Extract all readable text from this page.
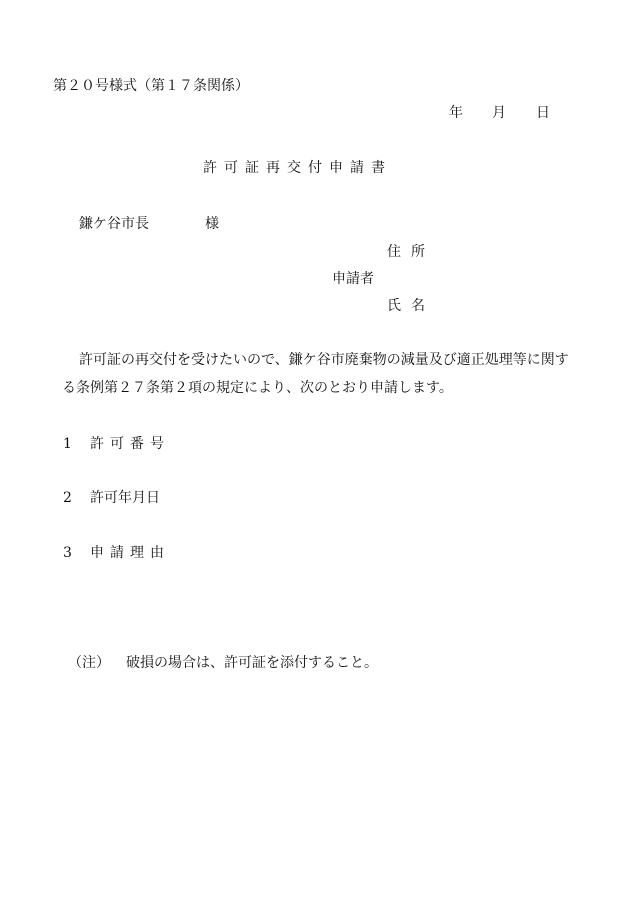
第２０号様式（第１７条関係）
年 月 日
許可証再交付申請書
鎌ケ谷市長	様
住所
申請者
氏名
許可証の再交付を受けたいので、鎌ケ谷市廃棄物の減量及び適正処理等に関す
る条例第２７条第２項の規定により、次のとおり申請します。
1 許可番号
2 許可年月日
3 申請理由
（注） 破損の場合は、許可証を添付すること。
